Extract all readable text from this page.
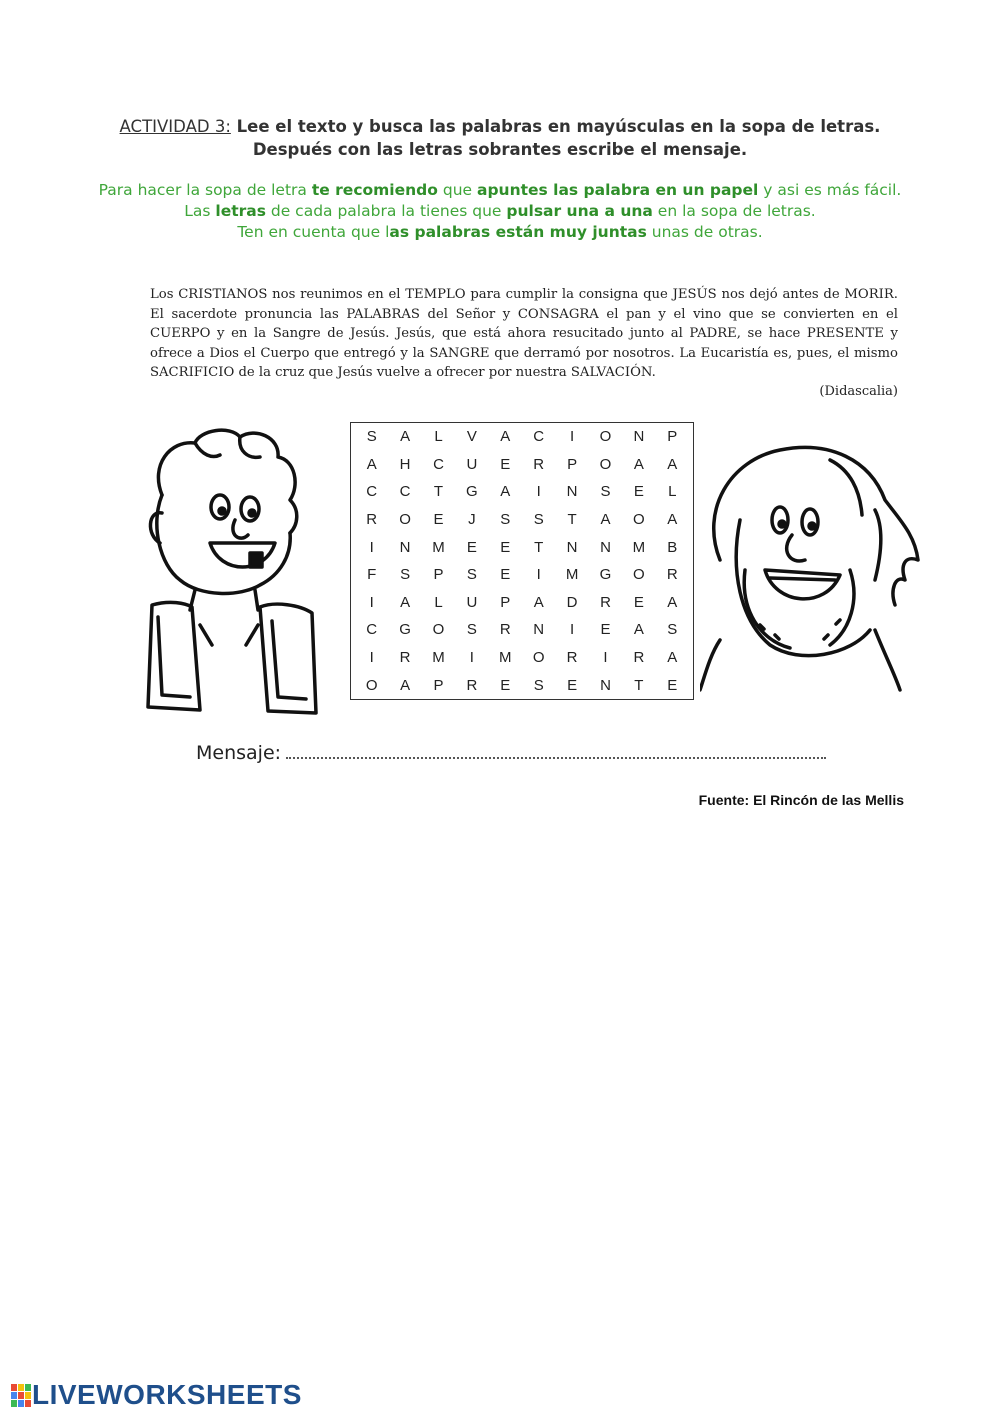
ACTIVIDAD 3: Lee el texto y busca las palabras en mayúsculas en la sopa de letras.
Después con las letras sobrantes escribe el mensaje.
Para hacer la sopa de letra te recomiendo que apuntes las palabra en un papel y asi es más fácil.
Las letras de cada palabra la tienes que pulsar una a una en la sopa de letras.
Ten en cuenta que las palabras están muy juntas unas de otras.
Los CRISTIANOS nos reunimos en el TEMPLO para cumplir la consigna que JESÚS nos dejó antes de MORIR. El sacerdote pronuncia las PALABRAS del Señor y CONSAGRA el pan y el vino que se convierten en el CUERPO y en la Sangre de Jesús. Jesús, que está ahora resucitado junto al PADRE, se hace PRESENTE y ofrece a Dios el Cuerpo que entregó y la SANGRE que derramó por nosotros. La Eucaristía es, pues, el mismo SACRIFICIO de la cruz que Jesús vuelve a ofrecer por nuestra SALVACIÓN.
(Didascalia)
S	A	L	V	A	C	I	O	N	P
A	H	C	U	E	R	P	O	A	A
C	C	T	G	A	I	N	S	E	L
R	O	E	J	S	S	T	A	O	A
I	N	M	E	E	T	N	N	M	B
F	S	P	S	E	I	M	G	O	R
I	A	L	U	P	A	D	R	E	A
C	G	O	S	R	N	I	E	A	S
I	R	M	I	M	O	R	I	R	A
O	A	P	R	E	S	E	N	T	E
Mensaje:
Fuente: El Rincón de las Mellis
LIVEWORKSHEETS
